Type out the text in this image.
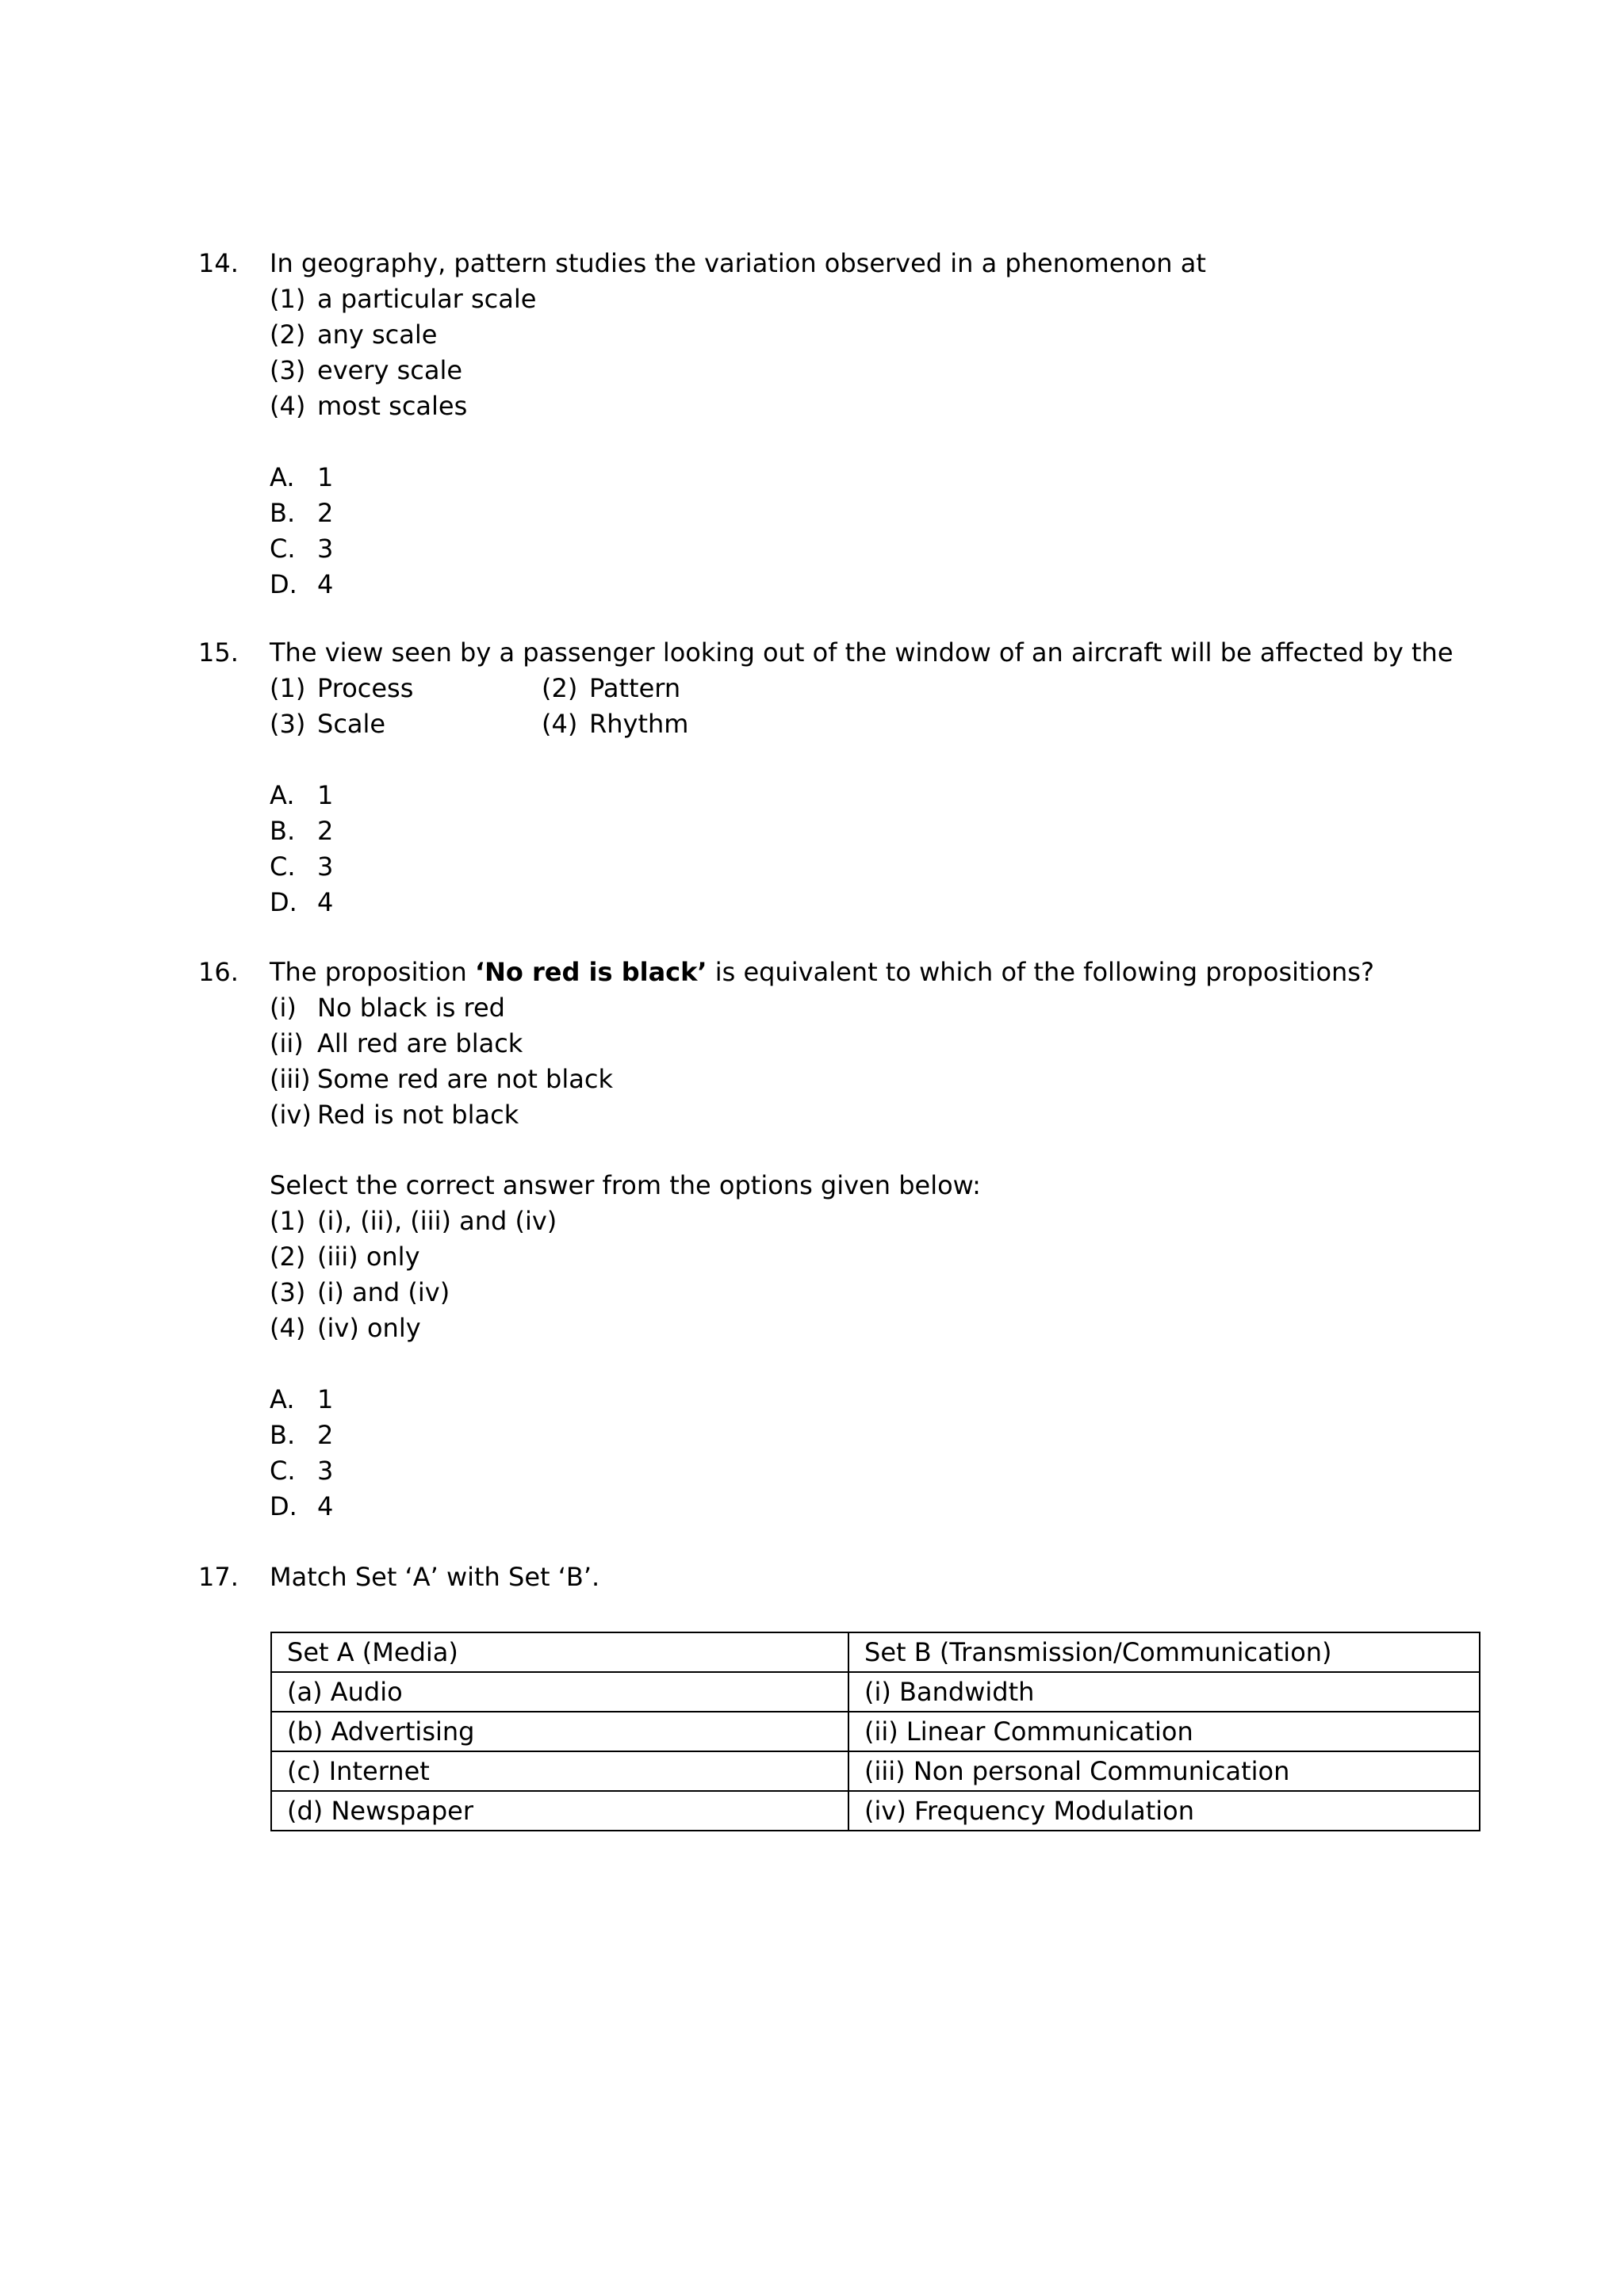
14. In geography, pattern studies the variation observed in a phenomenon at
(1) a particular scale
(2) any scale
(3) every scale
(4) most scales
A. 1
B. 2
C. 3
D. 4
15. The view seen by a passenger looking out of the window of an aircraft will be affected by the
(1) Process	(2) Pattern
(3) Scale	(4) Rhythm
A. 1
B. 2
C. 3
D. 4
16. The proposition ‘No red is black’ is equivalent to which of the following propositions?
(i) No black is red
(ii) All red are black
(iii) Some red are not black
(iv) Red is not black
Select the correct answer from the options given below:
(1) (i), (ii), (iii) and (iv)
(2) (iii) only
(3) (i) and (iv)
(4) (iv) only
A. 1
B. 2
C. 3
D. 4
17. Match Set ‘A’ with Set ‘B’.
Set A (Media)	Set B (Transmission/Communication)
(a) Audio	(i) Bandwidth
(b) Advertising	(ii) Linear Communication
(c) Internet	(iii) Non personal Communication
(d) Newspaper	(iv) Frequency Modulation
